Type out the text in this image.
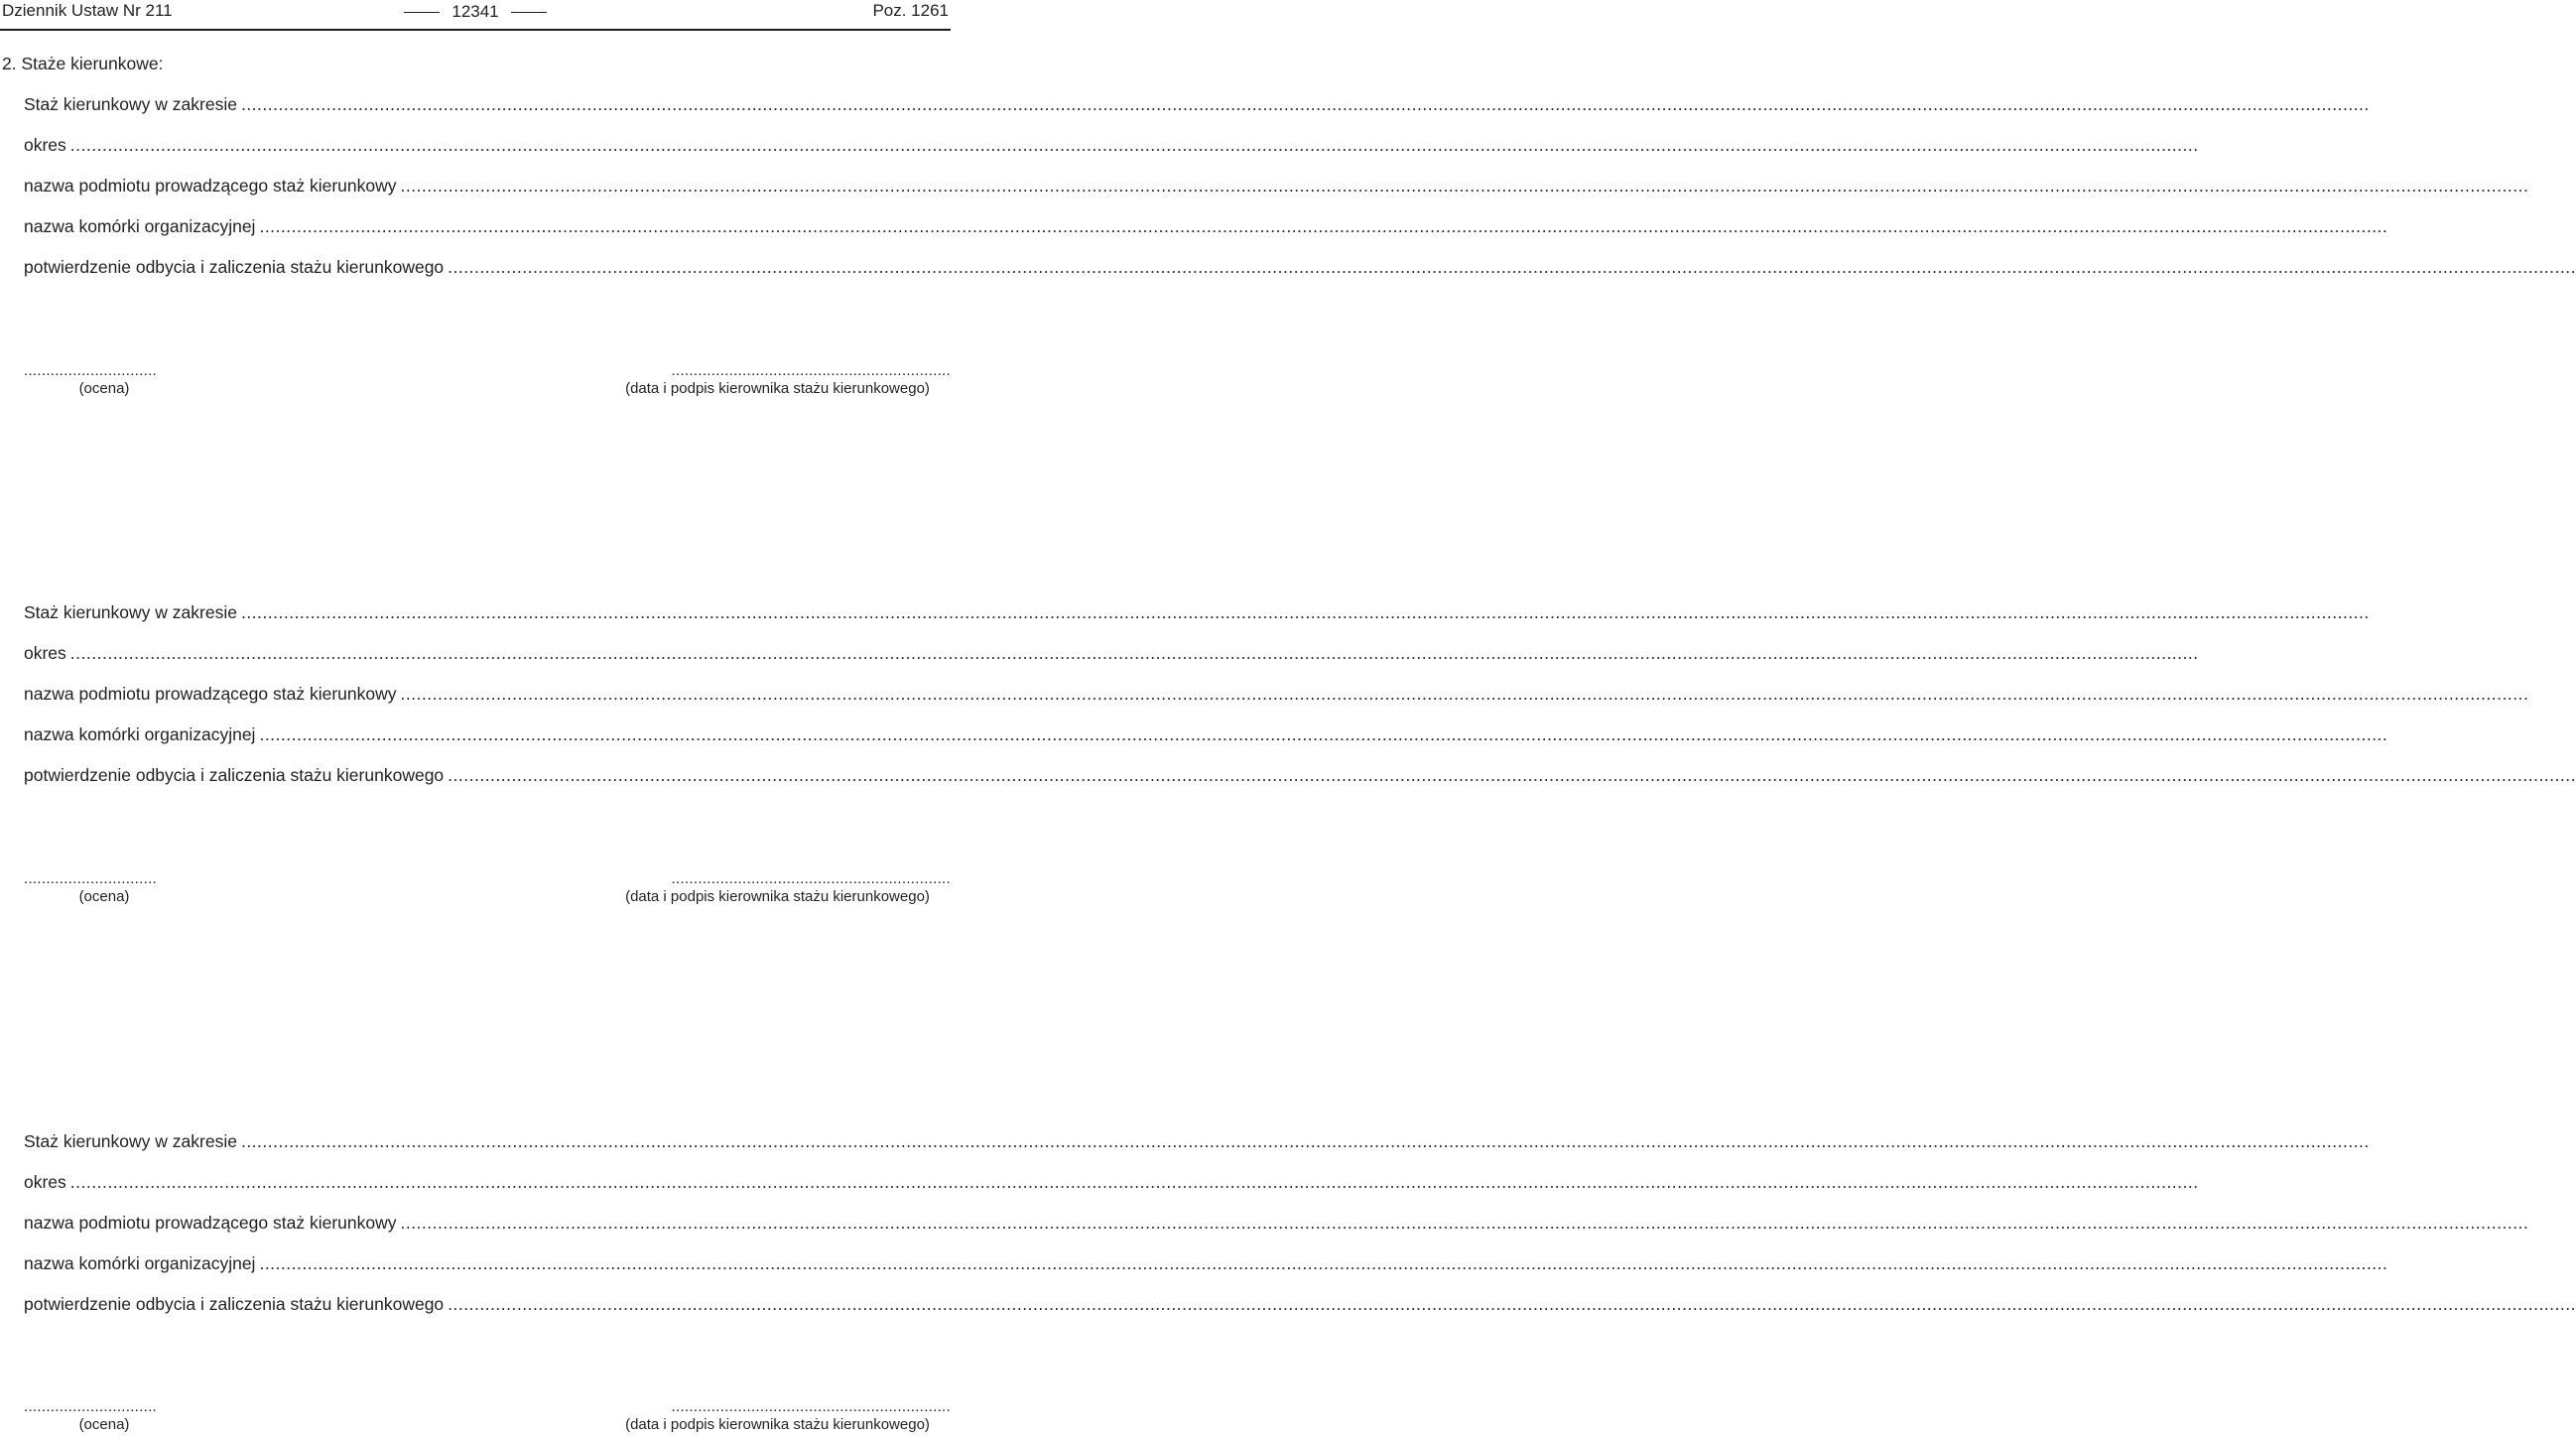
Dziennik Ustaw Nr 211	12341	Poz. 1261
2. Staże kierunkowe:
Staż kierunkowy w zakresie ................................................................................................................................................................................................................................................................................................................................................................................................................
okres ................................................................................................................................................................................................................................................................................................................................................................................................................
nazwa podmiotu prowadzącego staż kierunkowy ................................................................................................................................................................................................................................................................................................................................................................................................................
nazwa komórki organizacyjnej ................................................................................................................................................................................................................................................................................................................................................................................................................
potwierdzenie odbycia i zaliczenia stażu kierunkowego ................................................................................................................................................................................................................................................................................................................................................................................................................
..............................
(ocena)
...............................................................
(data i podpis kierownika stażu kierunkowego)
Staż kierunkowy w zakresie ................................................................................................................................................................................................................................................................................................................................................................................................................
okres ................................................................................................................................................................................................................................................................................................................................................................................................................
nazwa podmiotu prowadzącego staż kierunkowy ................................................................................................................................................................................................................................................................................................................................................................................................................
nazwa komórki organizacyjnej ................................................................................................................................................................................................................................................................................................................................................................................................................
potwierdzenie odbycia i zaliczenia stażu kierunkowego ................................................................................................................................................................................................................................................................................................................................................................................................................
..............................
(ocena)
...............................................................
(data i podpis kierownika stażu kierunkowego)
Staż kierunkowy w zakresie ................................................................................................................................................................................................................................................................................................................................................................................................................
okres ................................................................................................................................................................................................................................................................................................................................................................................................................
nazwa podmiotu prowadzącego staż kierunkowy ................................................................................................................................................................................................................................................................................................................................................................................................................
nazwa komórki organizacyjnej ................................................................................................................................................................................................................................................................................................................................................................................................................
potwierdzenie odbycia i zaliczenia stażu kierunkowego ................................................................................................................................................................................................................................................................................................................................................................................................................
..............................
(ocena)
...............................................................
(data i podpis kierownika stażu kierunkowego)
